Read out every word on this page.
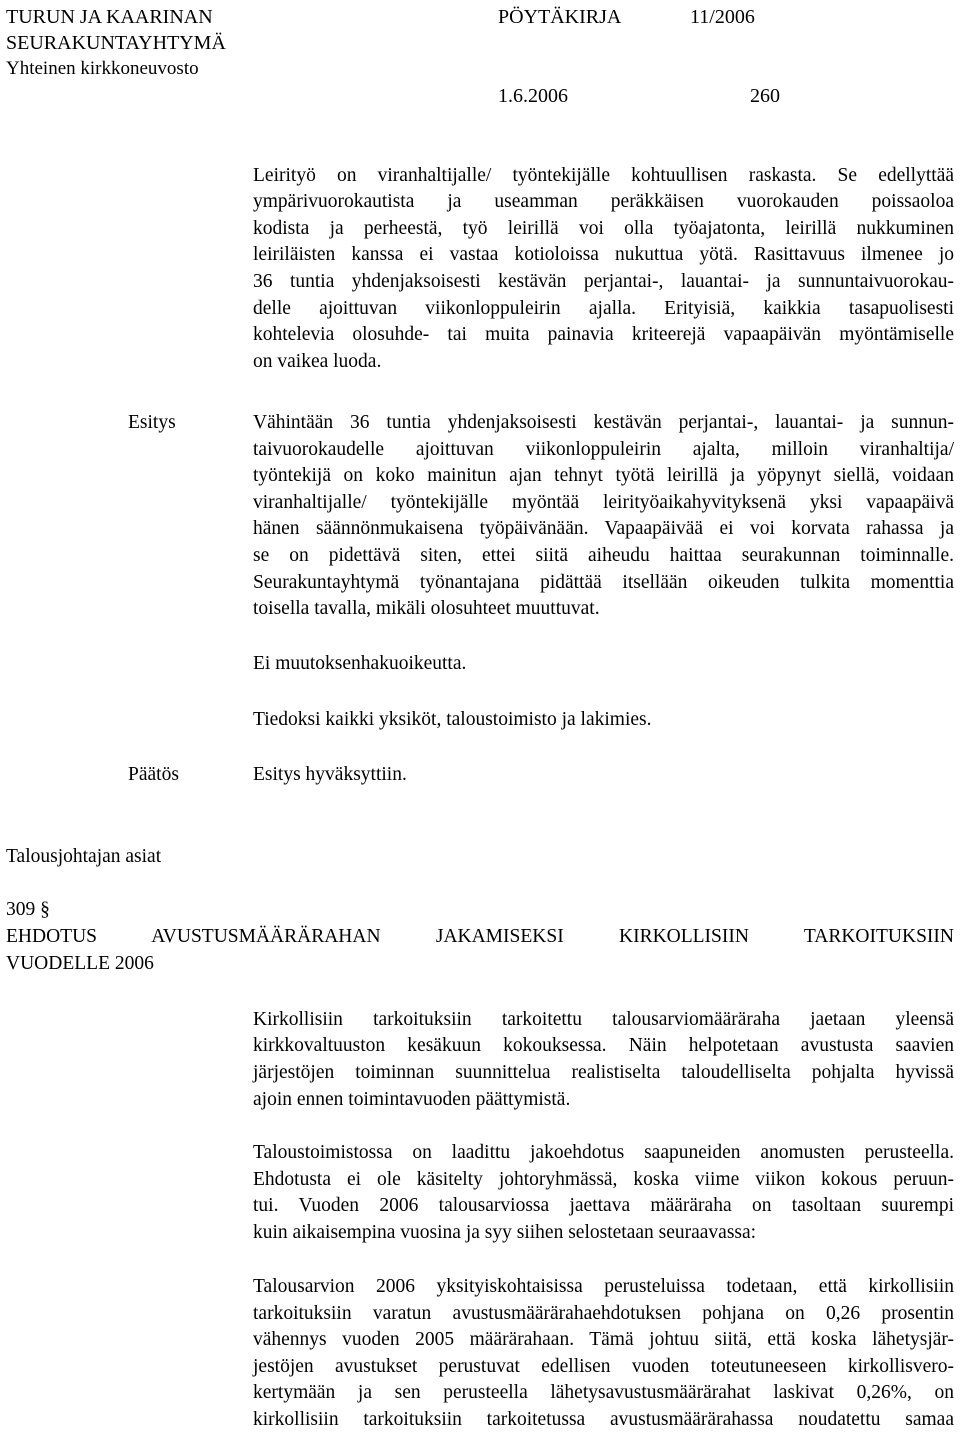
TURUN JA KAARINAN
SEURAKUNTAYHTYMÄ
Yhteinen kirkkoneuvosto
PÖYTÄKIRJA	11/2006
1.6.2006	260
Leirityö on viranhaltijalle/ työntekijälle kohtuullisen raskasta. Se edellyttää
ympärivuorokautista ja useamman peräkkäisen vuorokauden poissaoloa
kodista ja perheestä, työ leirillä voi olla työajatonta, leirillä nukkuminen
leiriläisten kanssa ei vastaa kotioloissa nukuttua yötä. Rasittavuus ilmenee jo
36 tuntia yhdenjaksoisesti kestävän perjantai-, lauantai- ja sunnuntaivuorokau-
delle ajoittuvan viikonloppuleirin ajalla. Erityisiä, kaikkia tasapuolisesti
kohtelevia olosuhde- tai muita painavia kriteerejä vapaapäivän myöntämiselle
on vaikea luoda.
Esitys	Vähintään 36 tuntia yhdenjaksoisesti kestävän perjantai-, lauantai- ja sunnun-
taivuorokaudelle ajoittuvan viikonloppuleirin ajalta, milloin viranhaltija/
työntekijä on koko mainitun ajan tehnyt työtä leirillä ja yöpynyt siellä, voidaan
viranhaltijalle/ työntekijälle myöntää leirityöaikahyvityksenä yksi vapaapäivä
hänen säännönmukaisena työpäivänään. Vapaapäivää ei voi korvata rahassa ja
se on pidettävä siten, ettei siitä aiheudu haittaa seurakunnan toiminnalle.
Seurakuntayhtymä työnantajana pidättää itsellään oikeuden tulkita momenttia
toisella tavalla, mikäli olosuhteet muuttuvat.
Ei muutoksenhakuoikeutta.
Tiedoksi kaikki yksiköt, taloustoimisto ja lakimies.
Päätös	Esitys hyväksyttiin.
Talousjohtajan asiat
309 §
EHDOTUS AVUSTUSMÄÄRÄRAHAN JAKAMISEKSI KIRKOLLISIIN TARKOITUKSIIN
VUODELLE 2006
Kirkollisiin tarkoituksiin tarkoitettu talousarviomääräraha jaetaan yleensä
kirkkovaltuuston kesäkuun kokouksessa. Näin helpotetaan avustusta saavien
järjestöjen toiminnan suunnittelua realistiselta taloudelliselta pohjalta hyvissä
ajoin ennen toimintavuoden päättymistä.
Taloustoimistossa on laadittu jakoehdotus saapuneiden anomusten perusteella.
Ehdotusta ei ole käsitelty johtoryhmässä, koska viime viikon kokous peruun-
tui. Vuoden 2006 talousarviossa jaettava määräraha on tasoltaan suurempi
kuin aikaisempina vuosina ja syy siihen selostetaan seuraavassa:
Talousarvion 2006 yksityiskohtaisissa perusteluissa todetaan, että kirkollisiin
tarkoituksiin varatun avustusmäärärahaehdotuksen pohjana on 0,26 prosentin
vähennys vuoden 2005 määrärahaan. Tämä johtuu siitä, että koska lähetysjär-
jestöjen avustukset perustuvat edellisen vuoden toteutuneeseen kirkollisvero-
kertymään ja sen perusteella lähetysavustusmäärärahat laskivat 0,26%, on
kirkollisiin tarkoituksiin tarkoitetussa avustusmäärärahassa noudatettu samaa
